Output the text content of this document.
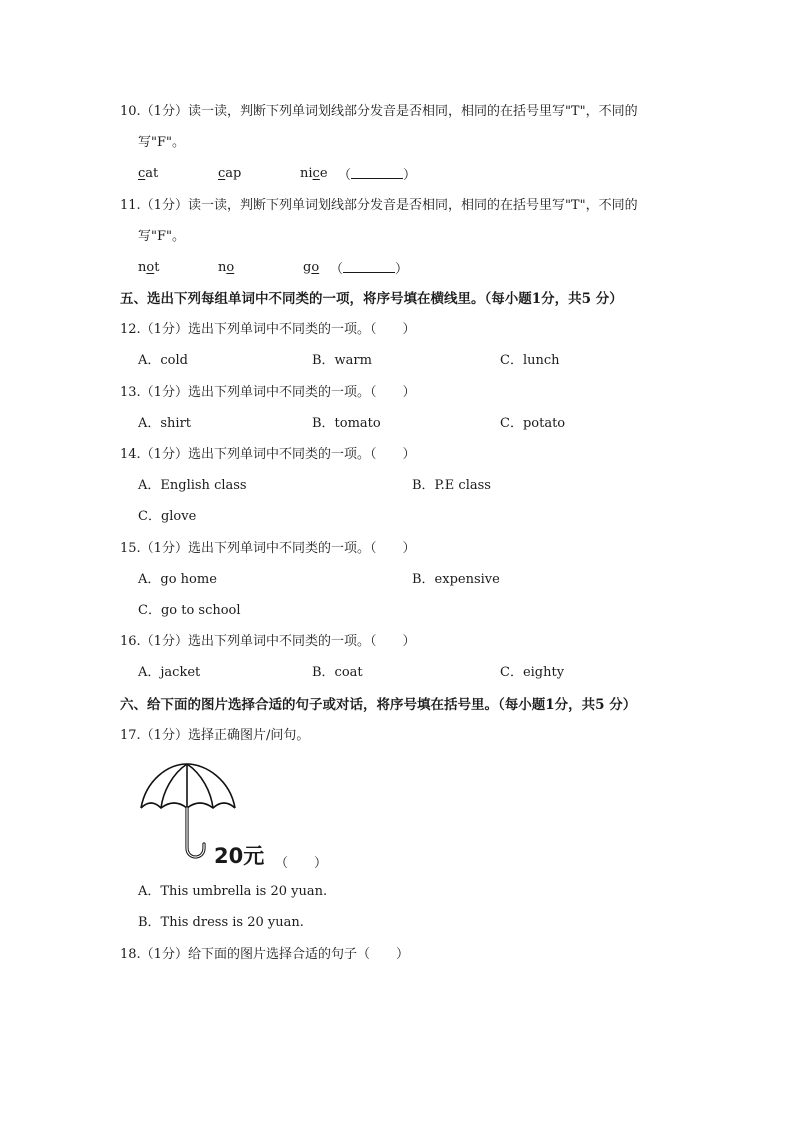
10.（1分）读一读，判断下列单词划线部分发音是否相同，相同的在括号里写"T"，不同的
写"F"。
cat	cap	nice （	）
11.（1分）读一读，判断下列单词划线部分发音是否相同，相同的在括号里写"T"，不同的
写"F"。
not	no	go （	）
五、选出下列每组单词中不同类的一项，将序号填在横线里。（每小题1分，共5 分）
12.（1分）选出下列单词中不同类的一项。（　　）
A．cold	B．warm	C．lunch
13.（1分）选出下列单词中不同类的一项。（　　）
A．shirt	B．tomato	C．potato
14.（1分）选出下列单词中不同类的一项。（　　）
A．English class	B．P.E class
C．glove
15.（1分）选出下列单词中不同类的一项。（　　）
A．go home	B．expensive
C．go to school
16.（1分）选出下列单词中不同类的一项。（　　）
A．jacket	B．coat	C．eighty
六、给下面的图片选择合适的句子或对话，将序号填在括号里。（每小题1分，共5 分）
17.（1分）选择正确图片/问句。
20元 （　　）
A．This umbrella is 20 yuan.
B．This dress is 20 yuan.
18.（1分）给下面的图片选择合适的句子（　　）
